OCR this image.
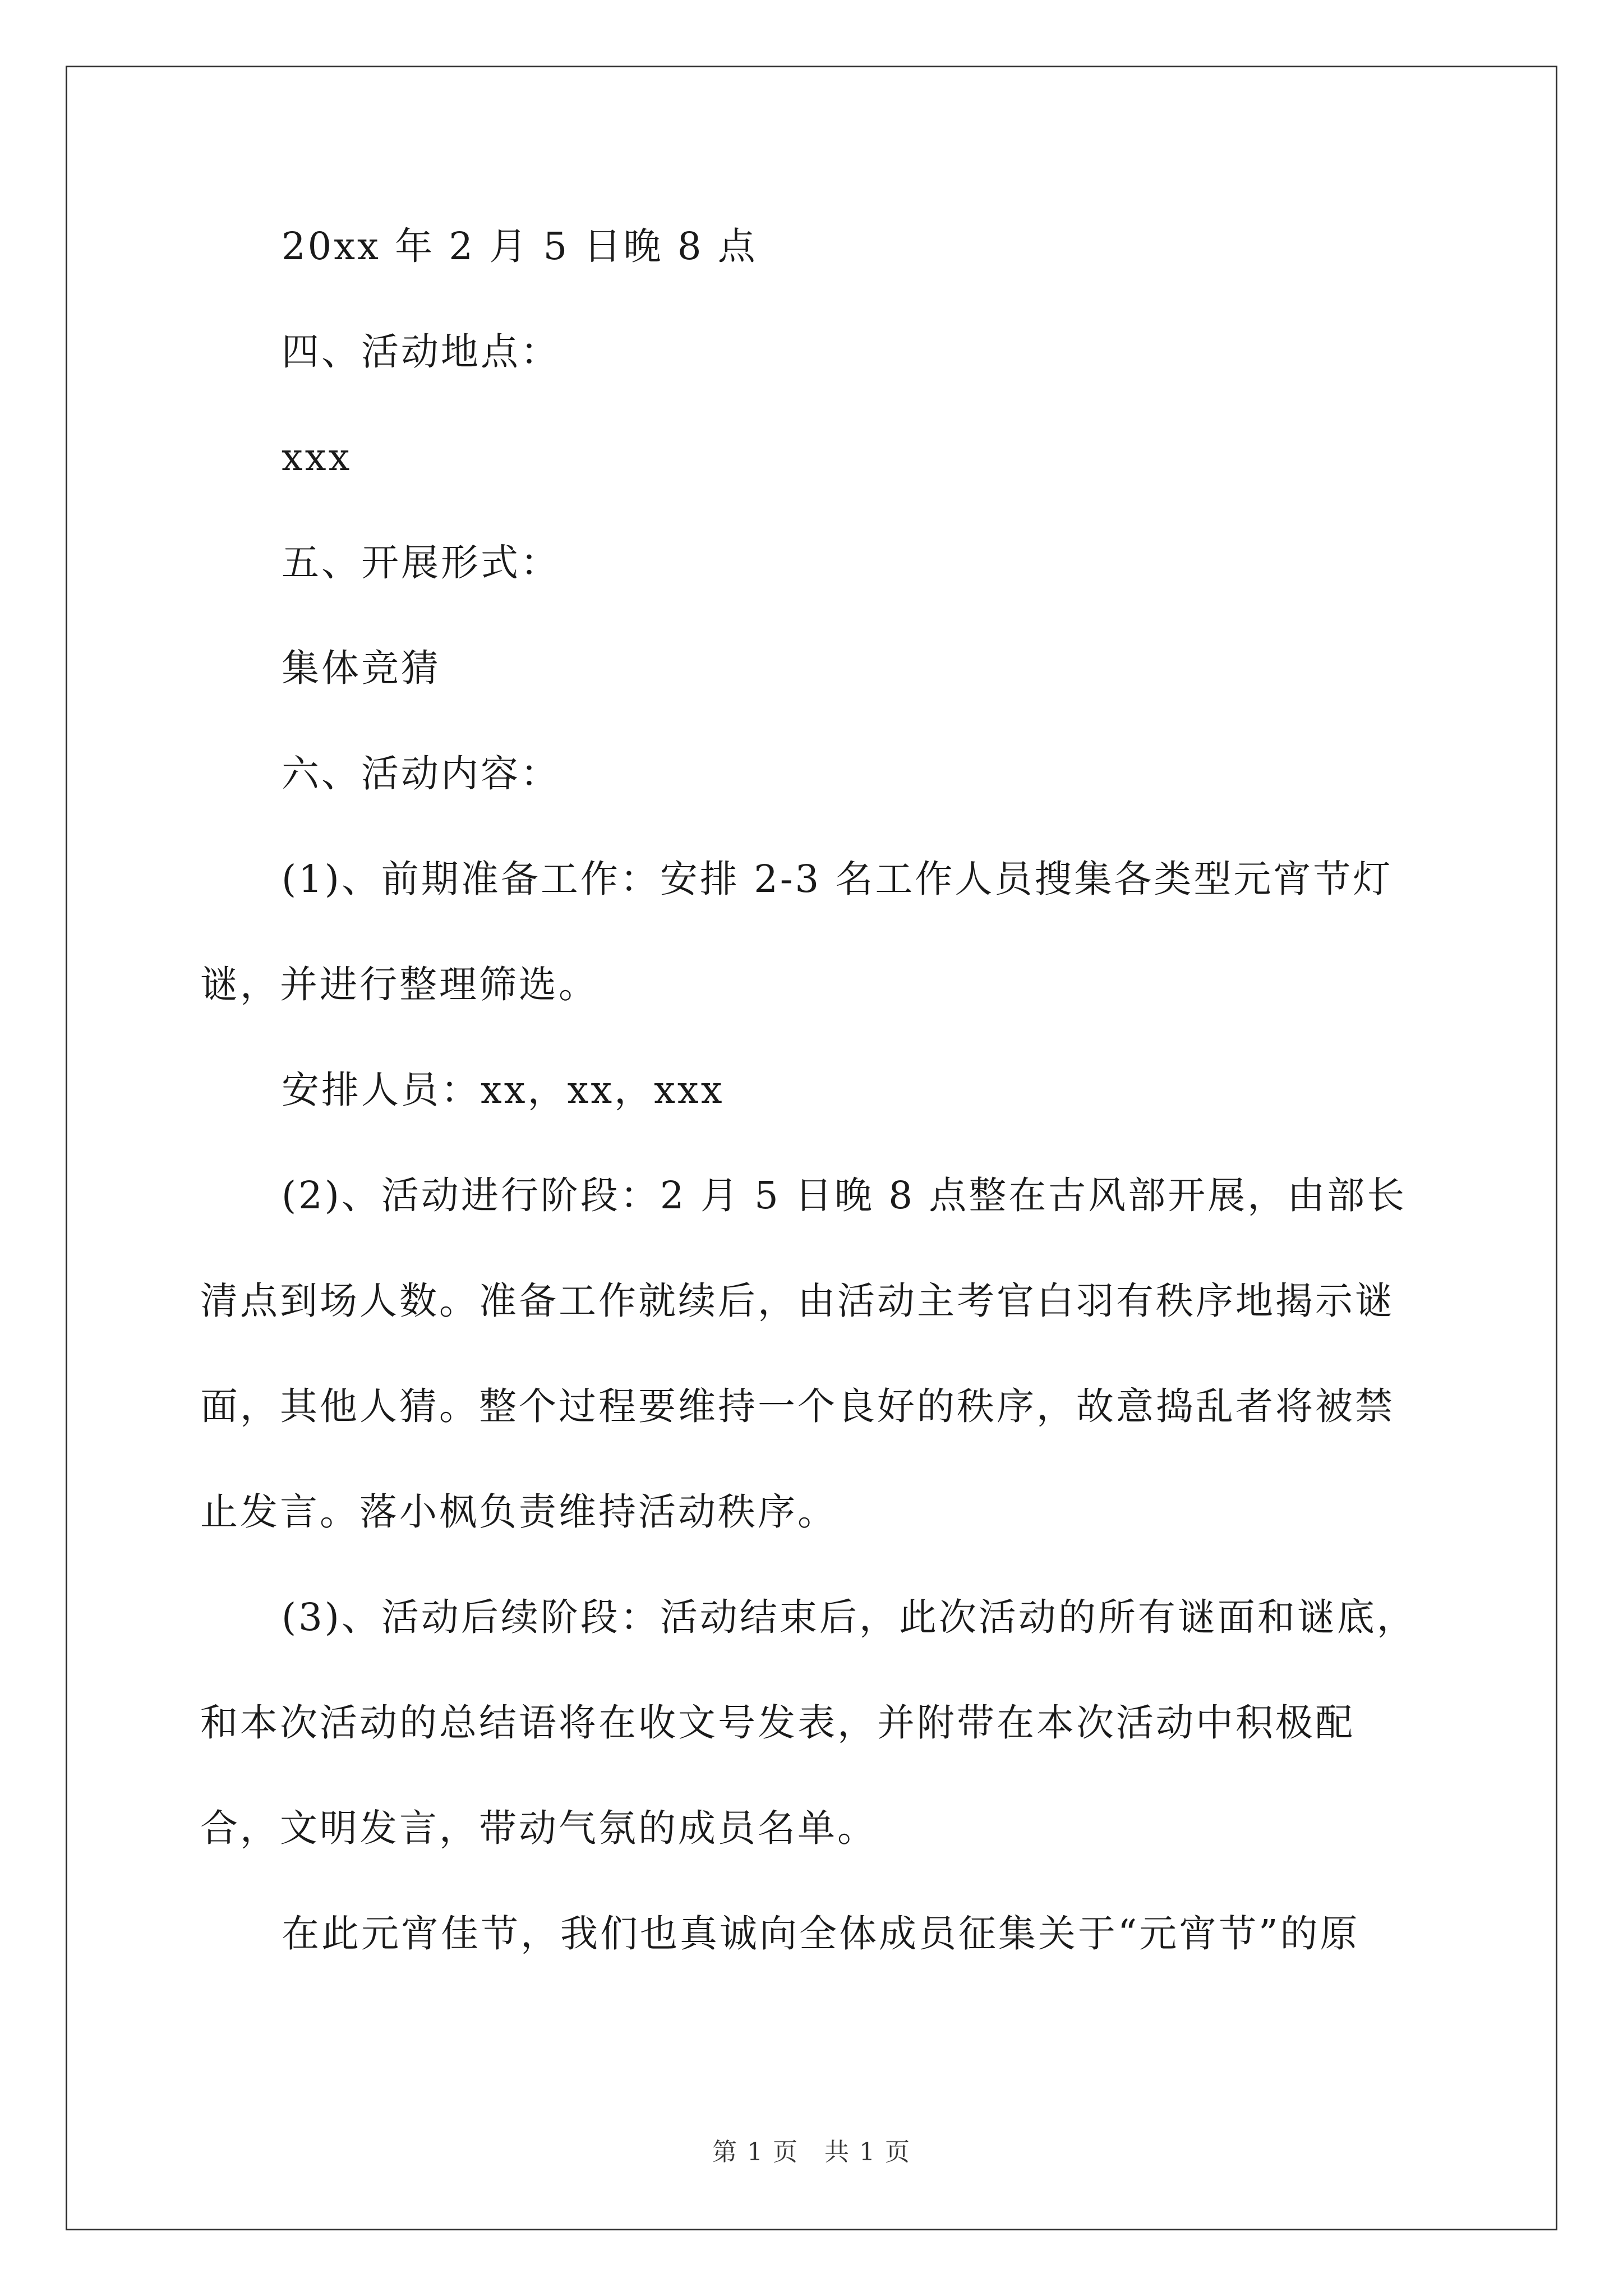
20xx 年 2 月 5 日晚 8 点

四、活动地点：

xxx

五、开展形式：

集体竞猜

六、活动内容：

(1)、前期准备工作：安排 2-3 名工作人员搜集各类型元宵节灯谜，并进行整理筛选。

安排人员：xx，xx，xxx

(2)、活动进行阶段：2 月 5 日晚 8 点整在古风部开展，由部长清点到场人数。准备工作就续后，由活动主考官白羽有秩序地揭示谜面，其他人猜。整个过程要维持一个良好的秩序，故意捣乱者将被禁止发言。落小枫负责维持活动秩序。

(3)、活动后续阶段：活动结束后，此次活动的所有谜面和谜底，和本次活动的总结语将在收文号发表，并附带在本次活动中积极配合，文明发言，带动气氛的成员名单。

在此元宵佳节，我们也真诚向全体成员征集关于“元宵节”的原

第 1 页　共 1 页
